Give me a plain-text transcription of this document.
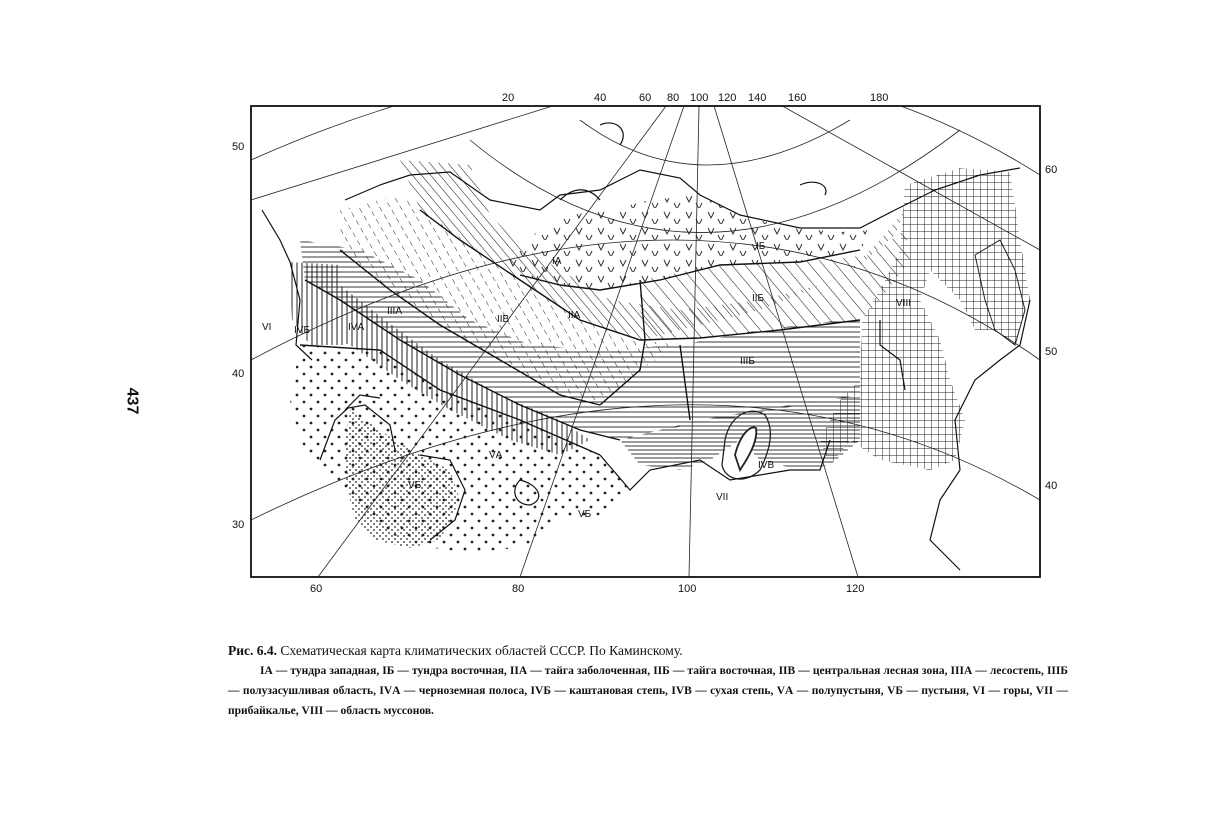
437
20	40	60 80 100 120 140 160	180
60	80	100	120
50
40
30
60
50
40
IА
IБ
IIА
IIБ
IIВ
IIIА
IIIБ
IVА
IVБ
IVВ
VА
VБ
VБ
VI
VII
VIII
Рис. 6.4. Схематическая карта климатических областей СССР. По Каминскому.
IА — тундра западная, IБ — тундра восточная, IIА — тайга заболоченная, IIБ — тайга восточная, IIВ — центральная лесная зона, IIIА — лесостепь, IIIБ — полузасушливая область, IVА — черноземная полоса, IVБ — каштановая степь, IVВ — сухая степь, VА — полупустыня, VБ — пустыня, VI — горы, VII — прибайкалье, VIII — область муссонов.
